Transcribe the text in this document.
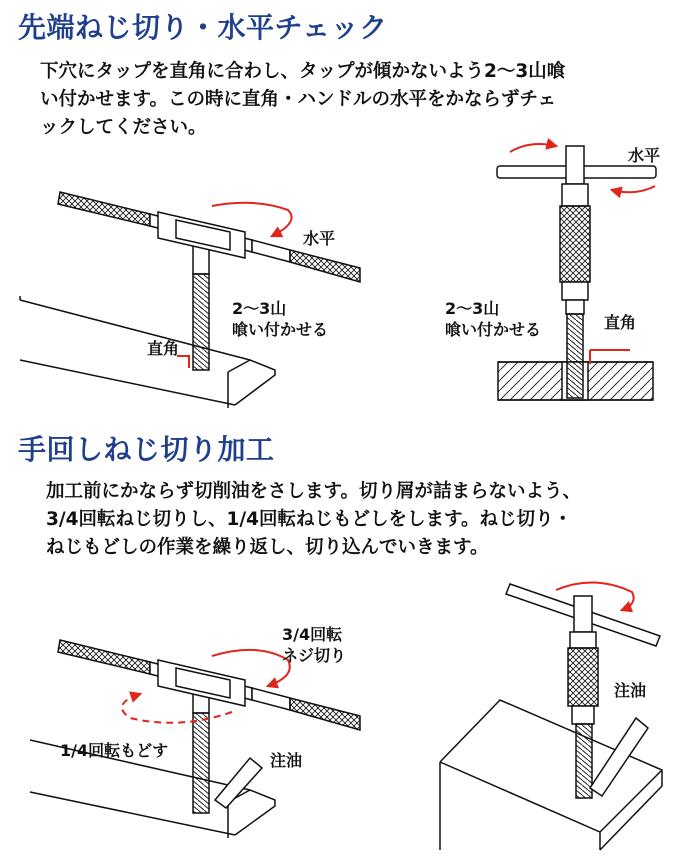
先端ねじ切り・水平チェック
下穴にタップを直角に合わし、タップが傾かないよう2〜3山喰
い付かせます。この時に直角・ハンドルの水平をかならずチェ
ックしてください。
水平
2〜3山
喰い付かせる
直角
水平
2〜3山
喰い付かせる	直角
手回しねじ切り加工
加工前にかならず切削油をさします。切り屑が詰まらないよう、
3/4回転ねじ切りし、1/4回転ねじもどしをします。ねじ切り・
ねじもどしの作業を繰り返し、切り込んでいきます。
3/4回転
ネジ切り
1/4回転もどす
注油
注油
